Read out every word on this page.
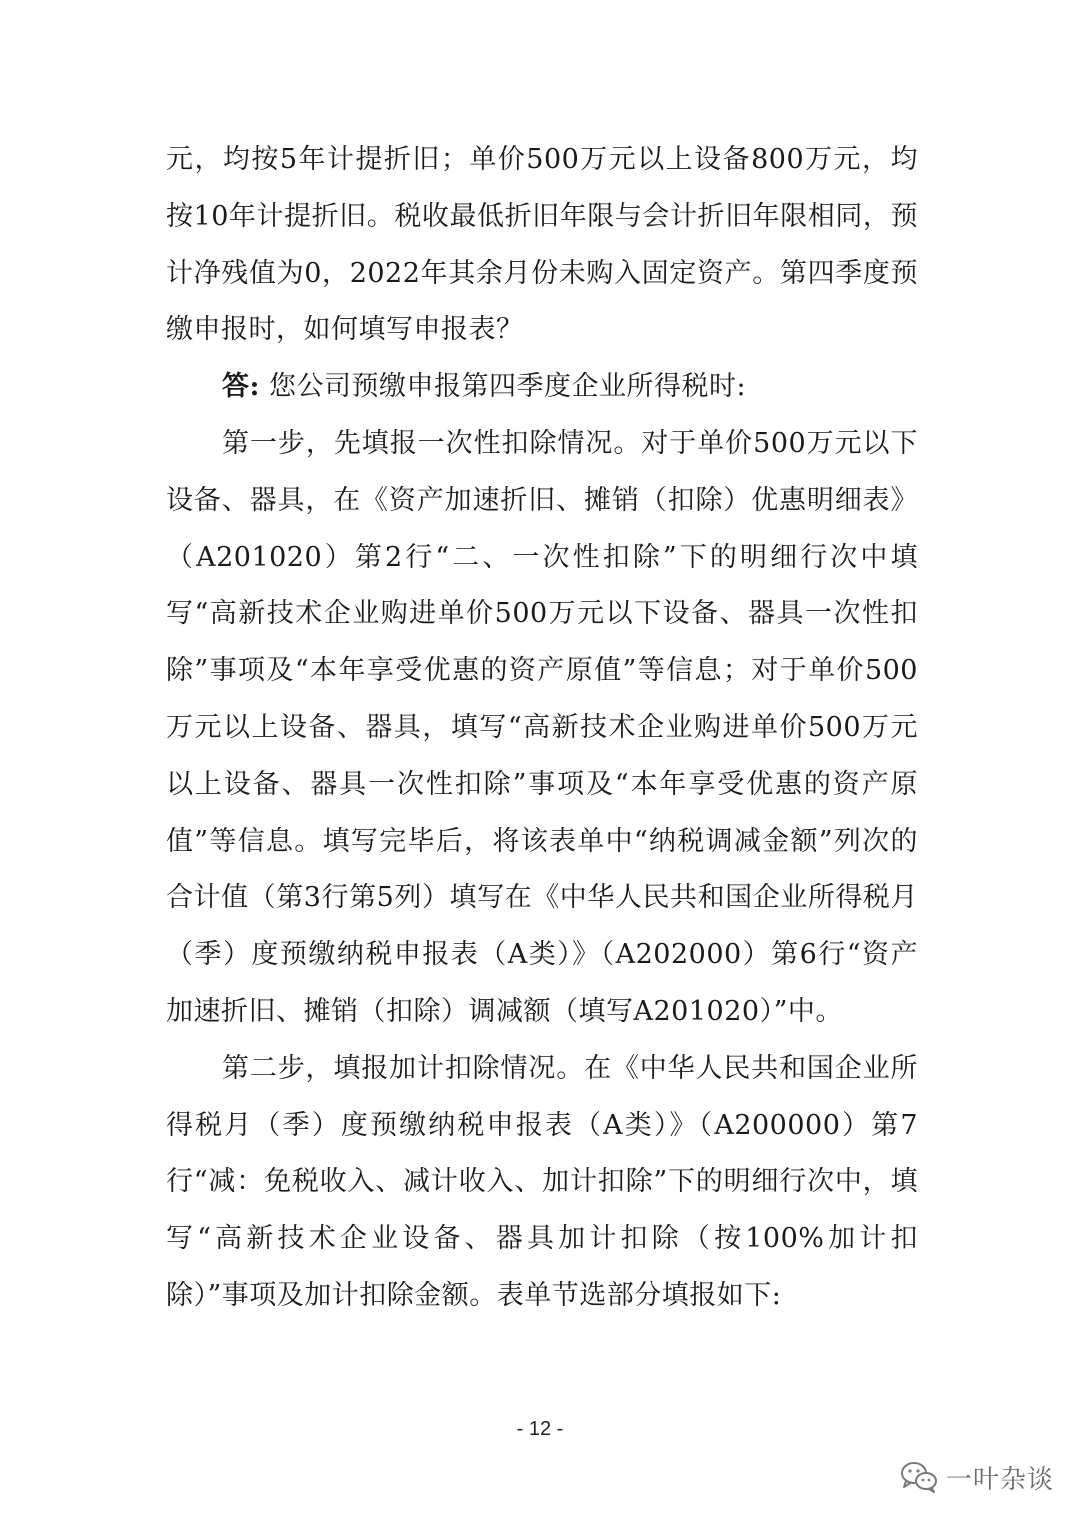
元，均按5年计提折旧；单价500万元以上设备800万元，均按10年计提折旧。税收最低折旧年限与会计折旧年限相同，预计净残值为0，2022年其余月份未购入固定资产。第四季度预缴申报时，如何填写申报表？

答: 您公司预缴申报第四季度企业所得税时:

第一步，先填报一次性扣除情况。对于单价500万元以下设备、器具，在《资产加速折旧、摊销（扣除）优惠明细表》（A201020）第2行“二、一次性扣除”下的明细行次中填写“高新技术企业购进单价500万元以下设备、器具一次性扣除”事项及“本年享受优惠的资产原值”等信息；对于单价500万元以上设备、器具，填写“高新技术企业购进单价500万元以上设备、器具一次性扣除”事项及“本年享受优惠的资产原值”等信息。填写完毕后，将该表单中“纳税调减金额”列次的合计值（第3行第5列）填写在《中华人民共和国企业所得税月（季）度预缴纳税申报表（A类）》（A202000）第6行“资产加速折旧、摊销（扣除）调减额（填写A201020）”中。

第二步，填报加计扣除情况。在《中华人民共和国企业所得税月（季）度预缴纳税申报表（A类）》（A200000）第7行“减：免税收入、减计收入、加计扣除”下的明细行次中，填写“高新技术企业设备、器具加计扣除（按100%加计扣除）”事项及加计扣除金额。表单节选部分填报如下:

- 12 -
一叶杂谈
